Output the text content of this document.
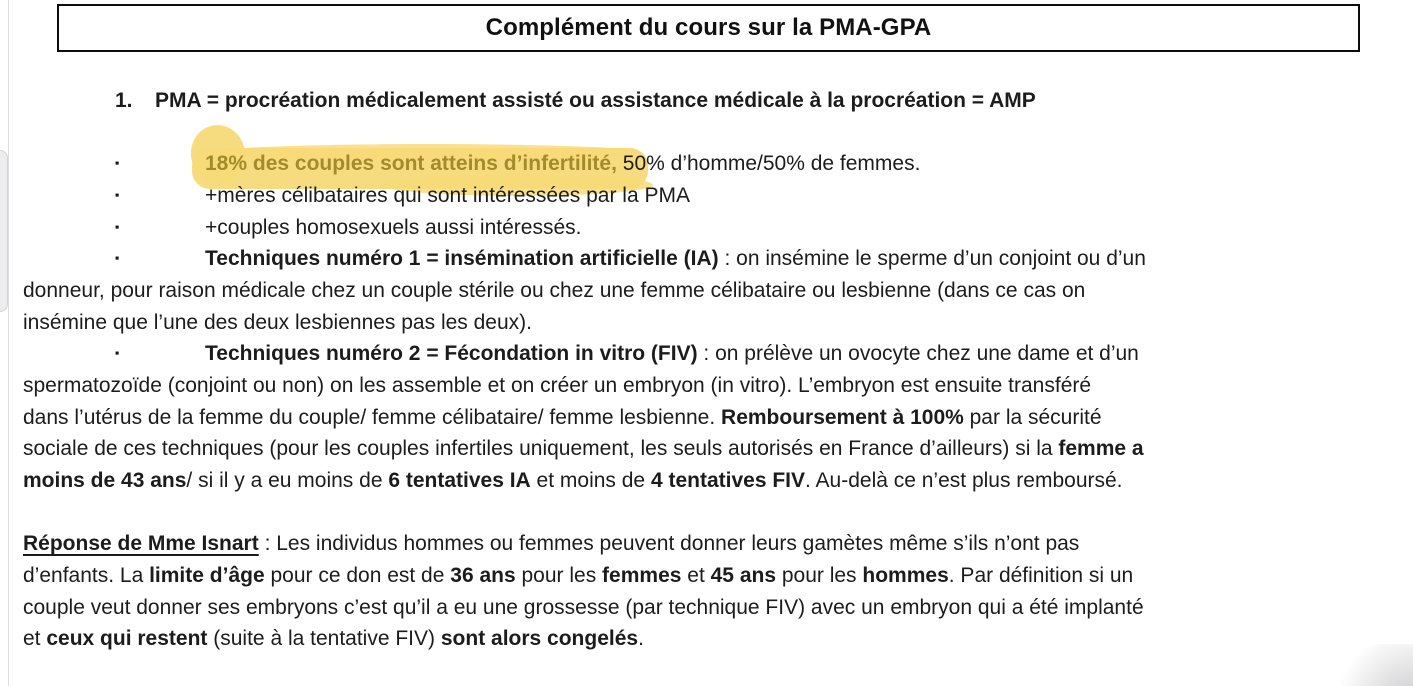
Complément du cours sur la PMA-GPA
1. PMA = procréation médicalement assisté ou assistance médicale à la procréation = AMP
▪	18% des couples sont atteins d’infertilité, 50% d’homme/50% de femmes.
▪	+mères célibataires qui sont intéressées par la PMA
▪	+couples homosexuels aussi intéressés.
▪	Techniques numéro 1 = insémination artificielle (IA) : on insémine le sperme d’un conjoint ou d’un
donneur, pour raison médicale chez un couple stérile ou chez une femme célibataire ou lesbienne (dans ce cas on
insémine que l’une des deux lesbiennes pas les deux).
▪	Techniques numéro 2 = Fécondation in vitro (FIV) : on prélève un ovocyte chez une dame et d’un
spermatozoïde (conjoint ou non) on les assemble et on créer un embryon (in vitro). L’embryon est ensuite transféré
dans l’utérus de la femme du couple/ femme célibataire/ femme lesbienne. Remboursement à 100% par la sécurité
sociale de ces techniques (pour les couples infertiles uniquement, les seuls autorisés en France d’ailleurs) si la femme a
moins de 43 ans/ si il y a eu moins de 6 tentatives IA et moins de 4 tentatives FIV. Au-delà ce n’est plus remboursé.
Réponse de Mme Isnart : Les individus hommes ou femmes peuvent donner leurs gamètes même s’ils n’ont pas
d’enfants. La limite d’âge pour ce don est de 36 ans pour les femmes et 45 ans pour les hommes. Par définition si un
couple veut donner ses embryons c’est qu’il a eu une grossesse (par technique FIV) avec un embryon qui a été implanté
et ceux qui restent (suite à la tentative FIV) sont alors congelés.
